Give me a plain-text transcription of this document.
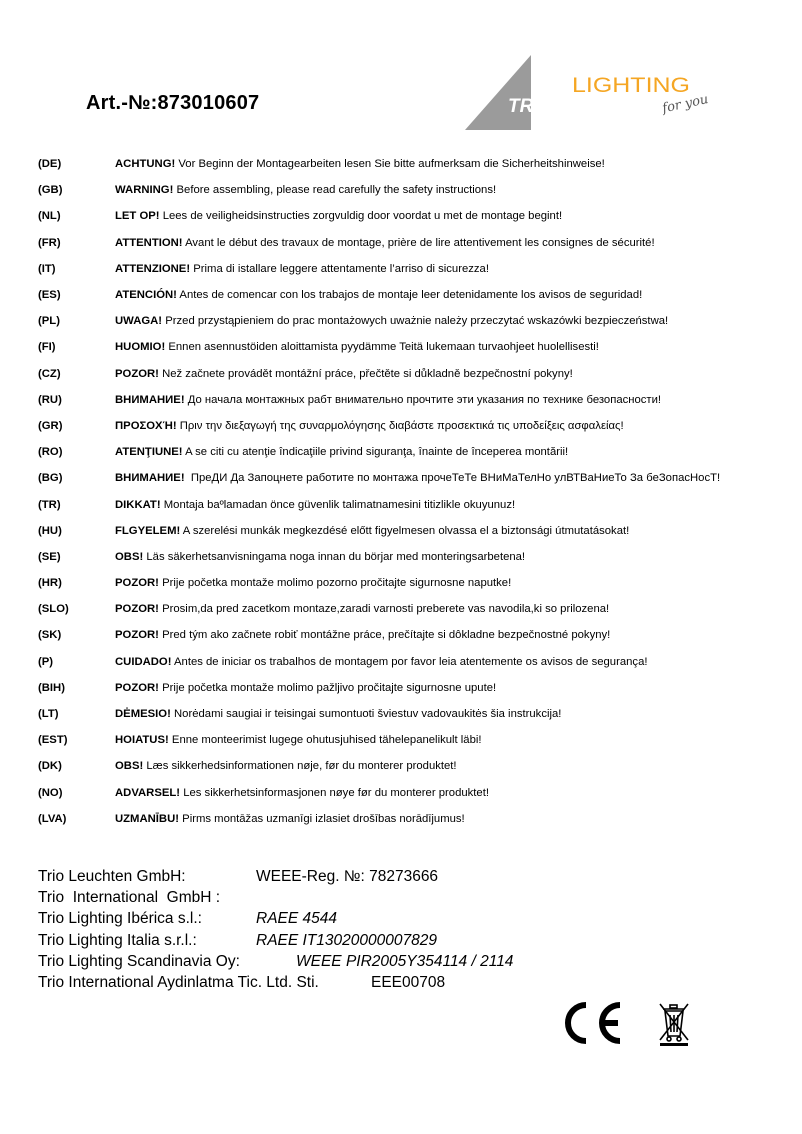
Art.-№:873010607	TRIO
LIGHTING
for you
(DE)	ACHTUNG! Vor Beginn der Montagearbeiten lesen Sie bitte aufmerksam die Sicherheitshinweise!
(GB)	WARNING! Before assembling, please read carefully the safety instructions!
(NL)	LET OP! Lees de veiligheidsinstructies zorgvuldig door voordat u met de montage begint!
(FR)	ATTENTION! Avant le début des travaux de montage, prière de lire attentivement les consignes de sécurité!
(IT)	ATTENZIONE! Prima di istallare leggere attentamente l’arriso di sicurezza!
(ES)	ATENCIÓN! Antes de comencar con los trabajos de montaje leer detenidamente los avisos de seguridad!
(PL)	UWAGA! Przed przystąpieniem do prac montażowych uważnie należy przeczytać wskazówki bezpieczeństwa!
(FI)	HUOMIO! Ennen asennustöiden aloittamista pyydämme Teitä lukemaan turvaohjeet huolellisesti!
(CZ)	POZOR! Než začnete provádět montážní práce, přečtěte si důkladně bezpečnostní pokyny!
(RU)	ВНИМАНИЕ! До начала монтажных рабт внимательно прочтите эти указания по технике безопасности!
(GR)	ΠΡΟΣΟΧΉ! Πριν την διεξαγωγή της συναρμολόγησης διαβάστε προσεκτικά τις υποδείξεις ασφαλείας!
(RO)	ATENŢIUNE! A se citi cu atenţie îndicaţiile privind siguranţa, înainte de începerea montării!
(BG)	ВНИМАНИЕ!  ПреДИ Да Запоцнете работите по монтажа прочеТеТе ВНиМаТелНо улВТВаНиеТо За беЗопасНосТ!
(TR)	DIKKAT! Montaja baºlamadan önce güvenlik talimatnamesini titizlikle okuyunuz!
(HU)	FLGYELEM! A szerelési munkák megkezdésé előtt figyelmesen olvassa el a biztonsági útmutatásokat!
(SE)	OBS! Läs säkerhetsanvisningama noga innan du börjar med monteringsarbetena!
(HR)	POZOR! Prije početka montaže molimo pozorno pročitajte sigurnosne naputke!
(SLO)	POZOR! Prosim,da pred zacetkom montaze,zaradi varnosti preberete vas navodila,ki so prilozena!
(SK)	POZOR! Pred tým ako začnete robiť montážne práce, prečítajte si dôkladne bezpečnostné pokyny!
(P)	CUIDADO! Antes de iniciar os trabalhos de montagem por favor leia atentemente os avisos de segurança!
(BIH)	POZOR! Prije početka montaže molimo pažljivo pročitajte sigurnosne upute!
(LT)	DĖMESIO! Norėdami saugiai ir teisingai sumontuoti šviestuv vadovaukitės šia instrukcija!
(EST)	HOIATUS! Enne monteerimist lugege ohutusjuhised tähelepanelikult läbi!
(DK)	OBS! Læs sikkerhedsinformationen nøje, før du monterer produktet!
(NO)	ADVARSEL! Les sikkerhetsinformasjonen nøye før du monterer produktet!
(LVA)	UZMANĪBU! Pirms montāžas uzmanīgi izlasiet drošības norādījumus!
Trio Leuchten GmbH:	WEEE-Reg. №: 78273666
Trio  International  GmbH :
Trio Lighting Ibérica s.l.:	RAEE 4544
Trio Lighting Italia s.r.l.:	RAEE IT13020000007829
Trio Lighting Scandinavia Oy:	WEEE PIR2005Y354114 / 2114
Trio International Aydinlatma Tic. Ltd. Sti.	EEE00708
